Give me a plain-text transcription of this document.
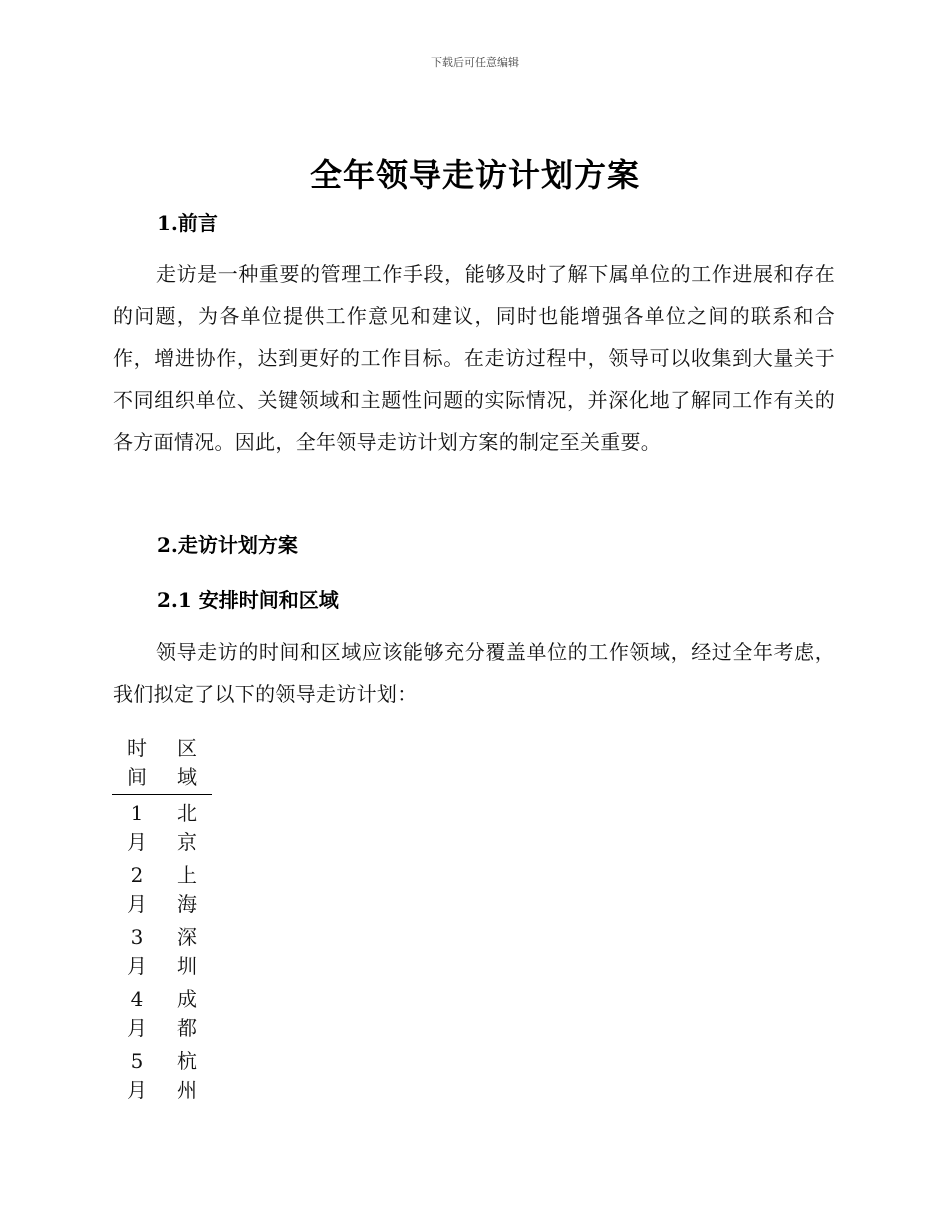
下载后可任意编辑
全年领导走访计划方案
1.前言

走访是一种重要的管理工作手段，能够及时了解下属单位的工作进展和存在的问题，为各单位提供工作意见和建议，同时也能增强各单位之间的联系和合作，增进协作，达到更好的工作目标。在走访过程中，领导可以收集到大量关于不同组织单位、关键领域和主题性问题的实际情况，并深化地了解同工作有关的各方面情况。因此，全年领导走访计划方案的制定至关重要。

2.走访计划方案
2.1 安排时间和区域

领导走访的时间和区域应该能够充分覆盖单位的工作领域，经过全年考虑，我们拟定了以下的领导走访计划：

时间	区域

1月	北京

2月	上海

3月	深圳

4月	成都

5月	杭州
